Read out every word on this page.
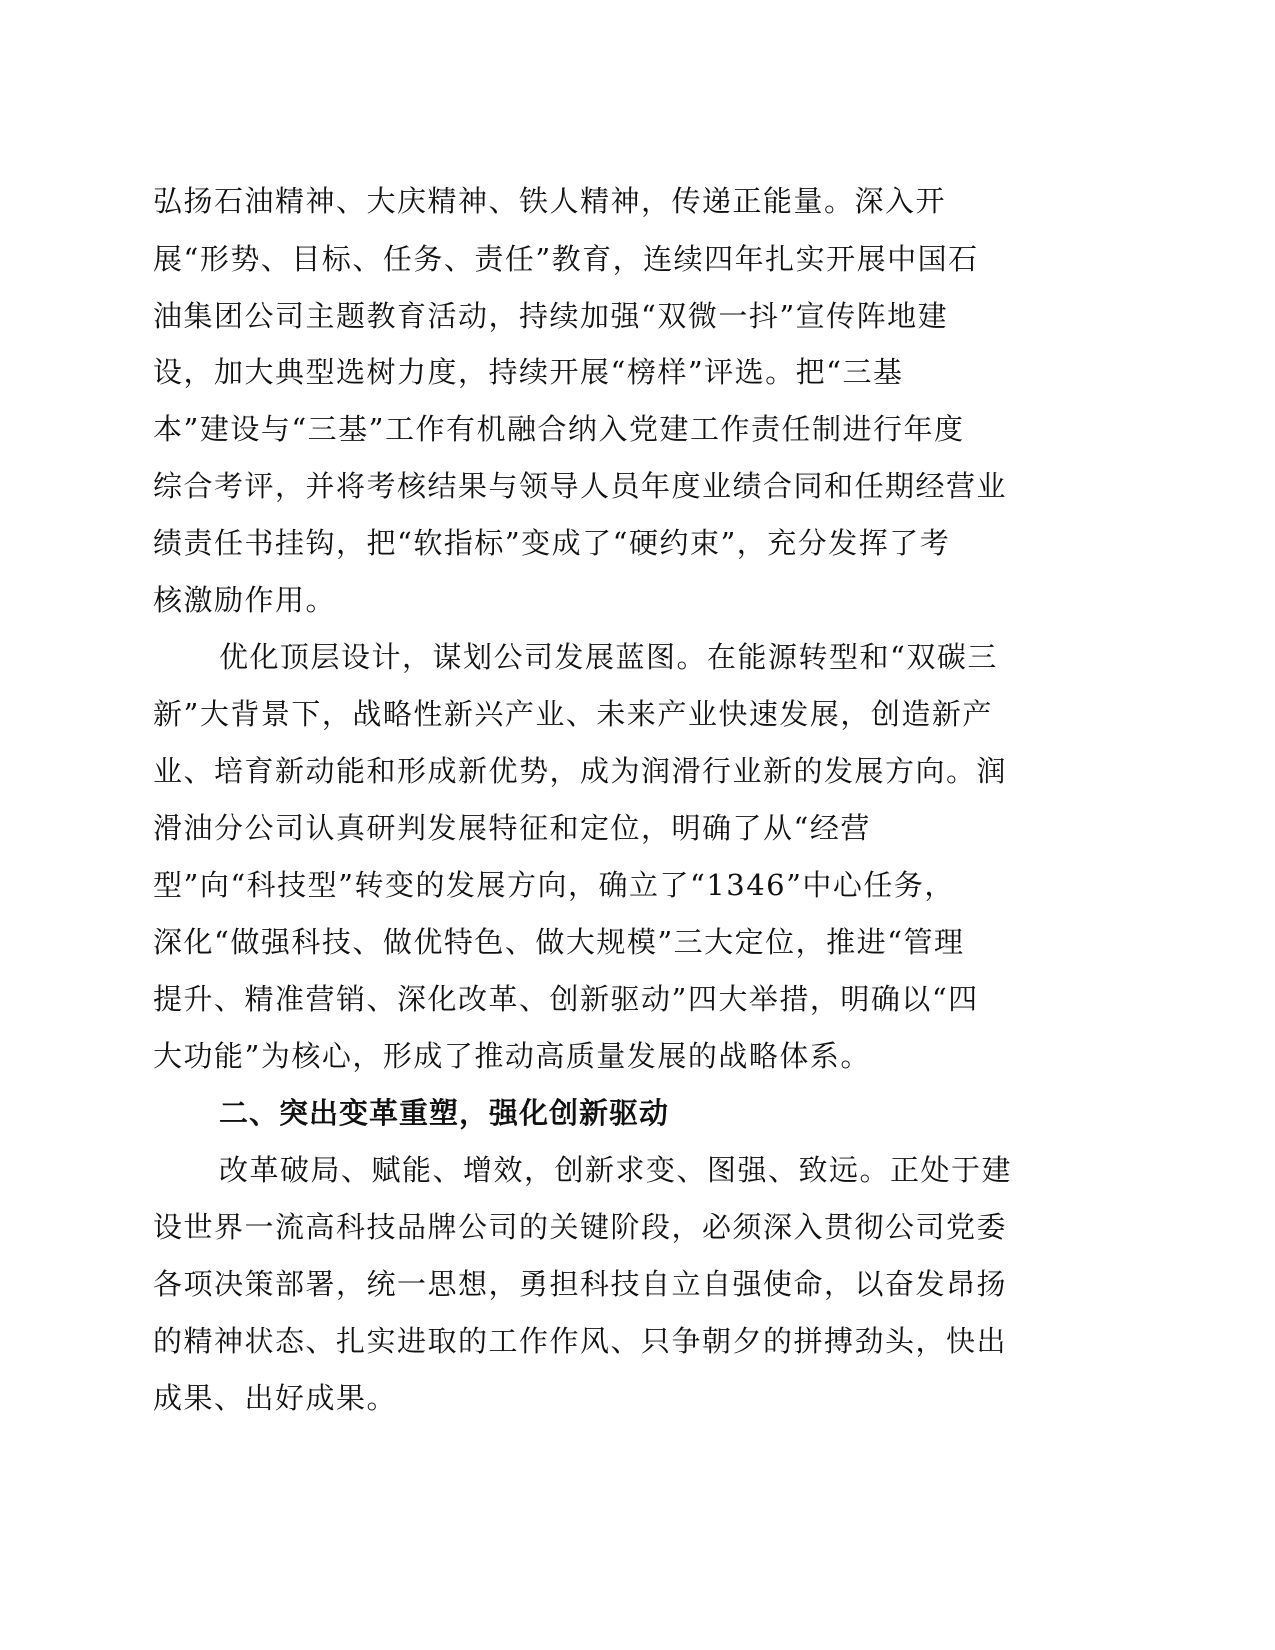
弘扬石油精神、大庆精神、铁人精神，传递正能量。深入开
展“形势、目标、任务、责任”教育，连续四年扎实开展中国石
油集团公司主题教育活动，持续加强“双微一抖”宣传阵地建
设，加大典型选树力度，持续开展“榜样”评选。把“三基
本”建设与“三基”工作有机融合纳入党建工作责任制进行年度
综合考评，并将考核结果与领导人员年度业绩合同和任期经营业
绩责任书挂钩，把“软指标”变成了“硬约束”，充分发挥了考
核激励作用。
优化顶层设计，谋划公司发展蓝图。在能源转型和“双碳三
新”大背景下，战略性新兴产业、未来产业快速发展，创造新产
业、培育新动能和形成新优势，成为润滑行业新的发展方向。润
滑油分公司认真研判发展特征和定位，明确了从“经营
型”向“科技型”转变的发展方向，确立了“1346”中心任务，
深化“做强科技、做优特色、做大规模”三大定位，推进“管理
提升、精准营销、深化改革、创新驱动”四大举措，明确以“四
大功能”为核心，形成了推动高质量发展的战略体系。
二、突出变革重塑，强化创新驱动
改革破局、赋能、增效，创新求变、图强、致远。正处于建
设世界一流高科技品牌公司的关键阶段，必须深入贯彻公司党委
各项决策部署，统一思想，勇担科技自立自强使命，以奋发昂扬
的精神状态、扎实进取的工作作风、只争朝夕的拼搏劲头，快出
成果、出好成果。
